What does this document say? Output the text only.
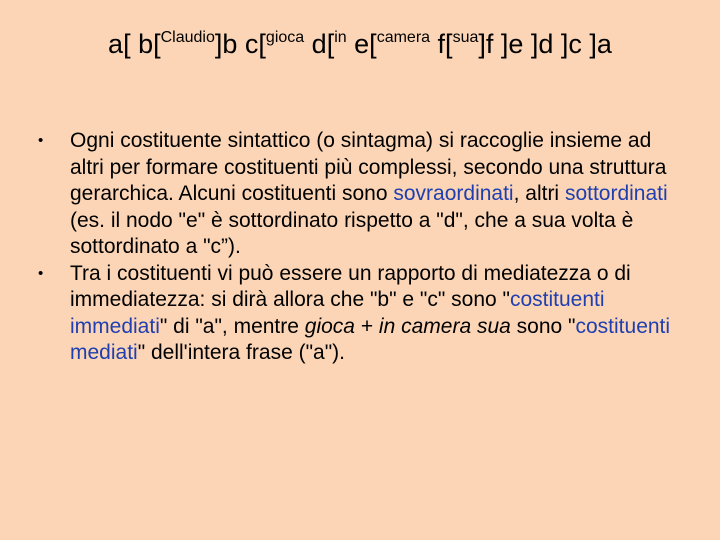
a[ b[$^{Claudio}$]b c[$^{gioca}$ d[$^{in}$ e[$^{camera}$ f[$^{sua}$]f ]e ]d ]c ]a
•	Ogni costituente sintattico (o sintagma) si raccoglie insieme ad altri per formare costituenti più complessi, secondo una struttura gerarchica. Alcuni costituenti sono sovraordinati, altri sottordinati (es. il nodo "e" è sottordinato rispetto a "d", che a sua volta è sottordinato a "c”).
•	Tra i costituenti vi può essere un rapporto di mediatezza o di immediatezza: si dirà allora che "b" e "c" sono "costituenti immediati" di "a", mentre gioca + in camera sua sono "costituenti mediati" dell'intera frase ("a").
